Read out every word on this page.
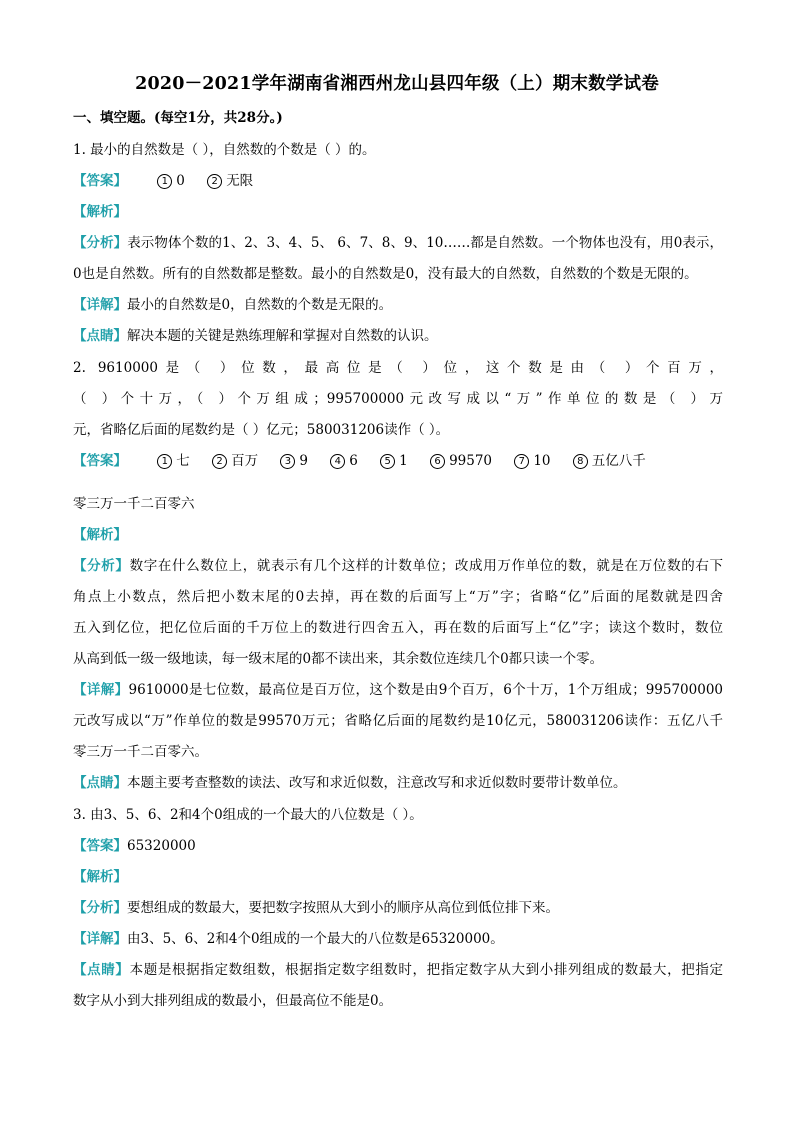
2020－2021学年湖南省湘西州龙山县四年级（上）期末数学试卷
一、填空题。(每空1分，共28分。)
1. 最小的自然数是（ ），自然数的个数是（ ）的。
【答案】	1 0	2 无限
【解析】
【分析】表示物体个数的1、2、3、4、5、 6、7、8、9、10……都是自然数。一个物体也没有，用0表示，
0也是自然数。所有的自然数都是整数。最小的自然数是0，没有最大的自然数，自然数的个数是无限的。
【详解】最小的自然数是0，自然数的个数是无限的。
【点睛】解决本题的关键是熟练理解和掌握对自然数的认识。
2. 9610000是（ ）位数，最高位是（ ）位，这个数是由（ ）个百万，
（ ）个十万，（ ）个万组成；995700000元改写成以“万”作单位的数是（ ）万
元，省略亿后面的尾数约是（ ）亿元；580031206读作（ ）。
【答案】	1 七	2 百万	3 9	4 6	5 1	6 99570	7 10	8 五亿八千
零三万一千二百零六
【解析】
【分析】数字在什么数位上，就表示有几个这样的计数单位；改成用万作单位的数，就是在万位数的右下
角点上小数点，然后把小数末尾的0去掉，再在数的后面写上“万”字；省略“亿”后面的尾数就是四舍
五入到亿位，把亿位后面的千万位上的数进行四舍五入，再在数的后面写上“亿”字；读这个数时，数位
从高到低一级一级地读，每一级末尾的0都不读出来，其余数位连续几个0都只读一个零。
【详解】9610000是七位数，最高位是百万位，这个数是由9个百万，6个十万，1个万组成；995700000
元改写成以“万”作单位的数是99570万元；省略亿后面的尾数约是10亿元，580031206读作：五亿八千
零三万一千二百零六。
【点睛】本题主要考查整数的读法、改写和求近似数，注意改写和求近似数时要带计数单位。
3. 由3、5、6、2和4个0组成的一个最大的八位数是（ ）。
【答案】65320000
【解析】
【分析】要想组成的数最大，要把数字按照从大到小的顺序从高位到低位排下来。
【详解】由3、5、6、2和4个0组成的一个最大的八位数是65320000。
【点睛】本题是根据指定数组数，根据指定数字组数时，把指定数字从大到小排列组成的数最大，把指定
数字从小到大排列组成的数最小，但最高位不能是0。
